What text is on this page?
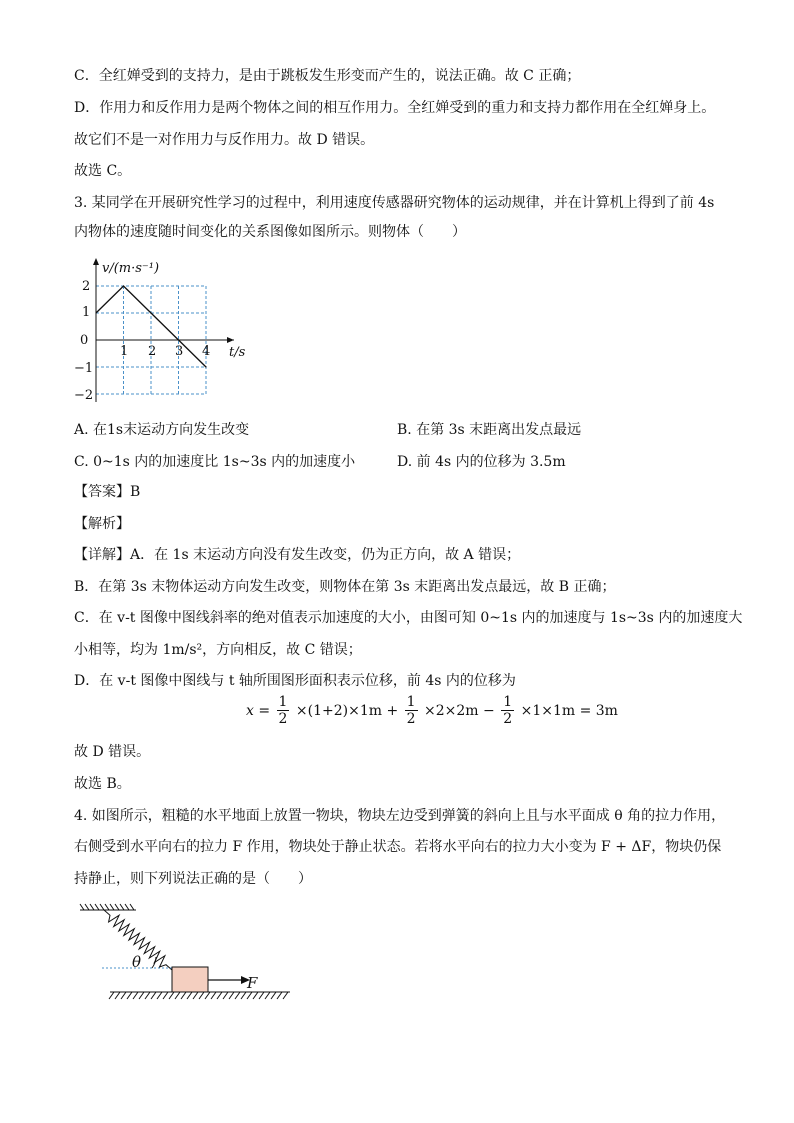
C．全红婵受到的支持力，是由于跳板发生形变而产生的，说法正确。故 C 正确；
D．作用力和反作用力是两个物体之间的相互作用力。全红婵受到的重力和支持力都作用在全红婵身上。
故它们不是一对作用力与反作用力。故 D 错误。
故选 C。
3. 某同学在开展研究性学习的过程中，利用速度传感器研究物体的运动规律，并在计算机上得到了前 4s
内物体的速度随时间变化的关系图像如图所示。则物体（　　）
v/(m·s⁻¹)
t/s
0
2
1
−1
−2
1 2 3 4
A. 在1s末运动方向发生改变	B. 在第 3s 末距离出发点最远
C. 0~1s 内的加速度比 1s~3s 内的加速度小	D. 前 4s 内的位移为 3.5m
【答案】B
【解析】
【详解】A．在 1s 末运动方向没有发生改变，仍为正方向，故 A 错误；
B．在第 3s 末物体运动方向发生改变，则物体在第 3s 末距离出发点最远，故 B 正确；
C．在 v-t 图像中图线斜率的绝对值表示加速度的大小，由图可知 0~1s 内的加速度与 1s~3s 内的加速度大
小相等，均为 1m/s²，方向相反，故 C 错误；
D．在 v-t 图像中图线与 t 轴所围图形面积表示位移，前 4s 内的位移为
$x = \frac{1}{2} \times(1+2)\times 1m + \frac{1}{2} \times 2\times 2m - \frac{1}{2} \times 1\times 1m = 3m$
故 D 错误。
故选 B。
4. 如图所示，粗糙的水平地面上放置一物块，物块左边受到弹簧的斜向上且与水平面成 θ 角的拉力作用，
右侧受到水平向右的拉力 F 作用，物块处于静止状态。若将水平向右的拉力大小变为 F + ΔF，物块仍保
持静止，则下列说法正确的是（　　）
θ
F
